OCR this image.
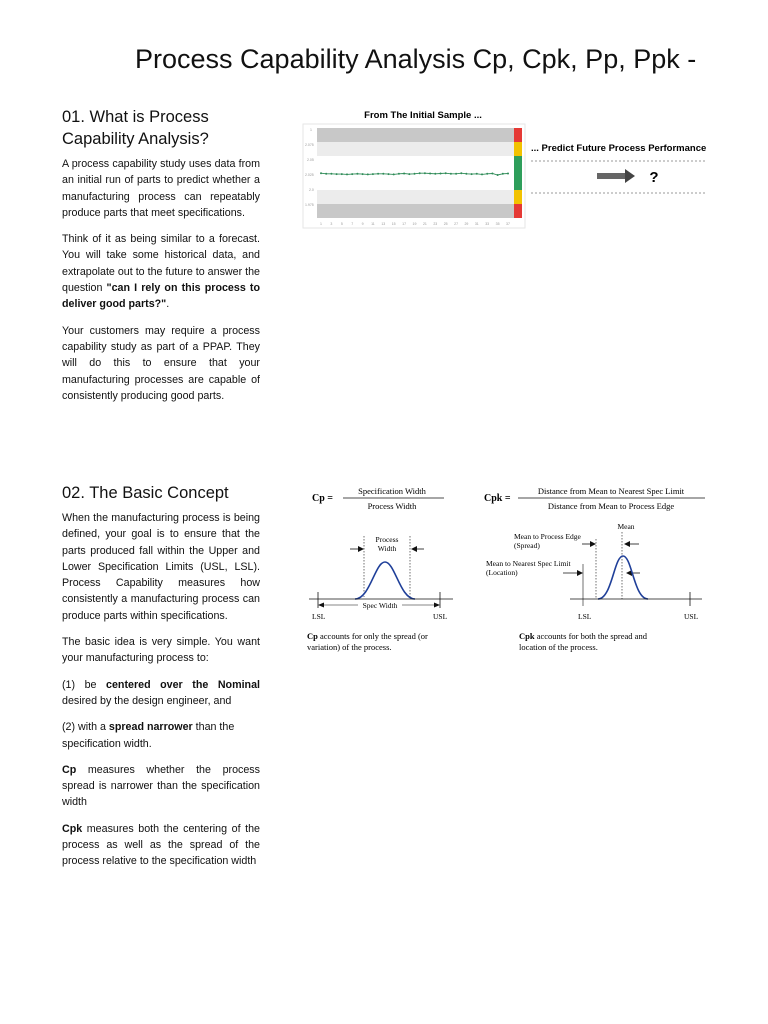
Process Capability Analysis Cp, Cpk, Pp, Ppk -
01. What is Process Capability Analysis?

A process capability study uses data from an initial run of parts to predict whether a manufacturing process can repeatably produce parts that meet specifications.

Think of it as being similar to a forecast. You will take some historical data, and extrapolate out to the future to answer the question "can I rely on this process to deliver good parts?".

Your customers may require a process capability study as part of a PPAP. They will do this to ensure that your manufacturing processes are capable of consistently producing good parts.

From The Initial Sample ...
1
2.075
2.05
2.025
2.0
1.975
1 3 5 7 9 11 13 15 17 19 21 23 25 27 29 31 33 35 37
... Predict Future Process Performance
?
02. The Basic Concept

When the manufacturing process is being defined, your goal is to ensure that the parts produced fall within the Upper and Lower Specification Limits (USL, LSL). Process Capability measures how consistently a manufacturing process can produce parts within specifications.

The basic idea is very simple. You want your manufacturing process to:

(1) be centered over the Nominal desired by the design engineer, and

(2) with a spread narrower than the specification width.

Cp measures whether the process spread is narrower than the specification width

Cpk measures both the centering of the process as well as the spread of the process relative to the specification width

Cp =
Specification Width
Process Width
Process
Width
Spec Width
LSL	USL
Cp accounts for only the spread (or
variation) of the process.
Cpk =
Distance from Mean to Nearest Spec Limit
Distance from Mean to Process Edge
Mean
Mean to Process Edge
(Spread)
Mean to Nearest Spec Limit
(Location)
LSL	USL
Cpk accounts for both the spread and
location of the process.
